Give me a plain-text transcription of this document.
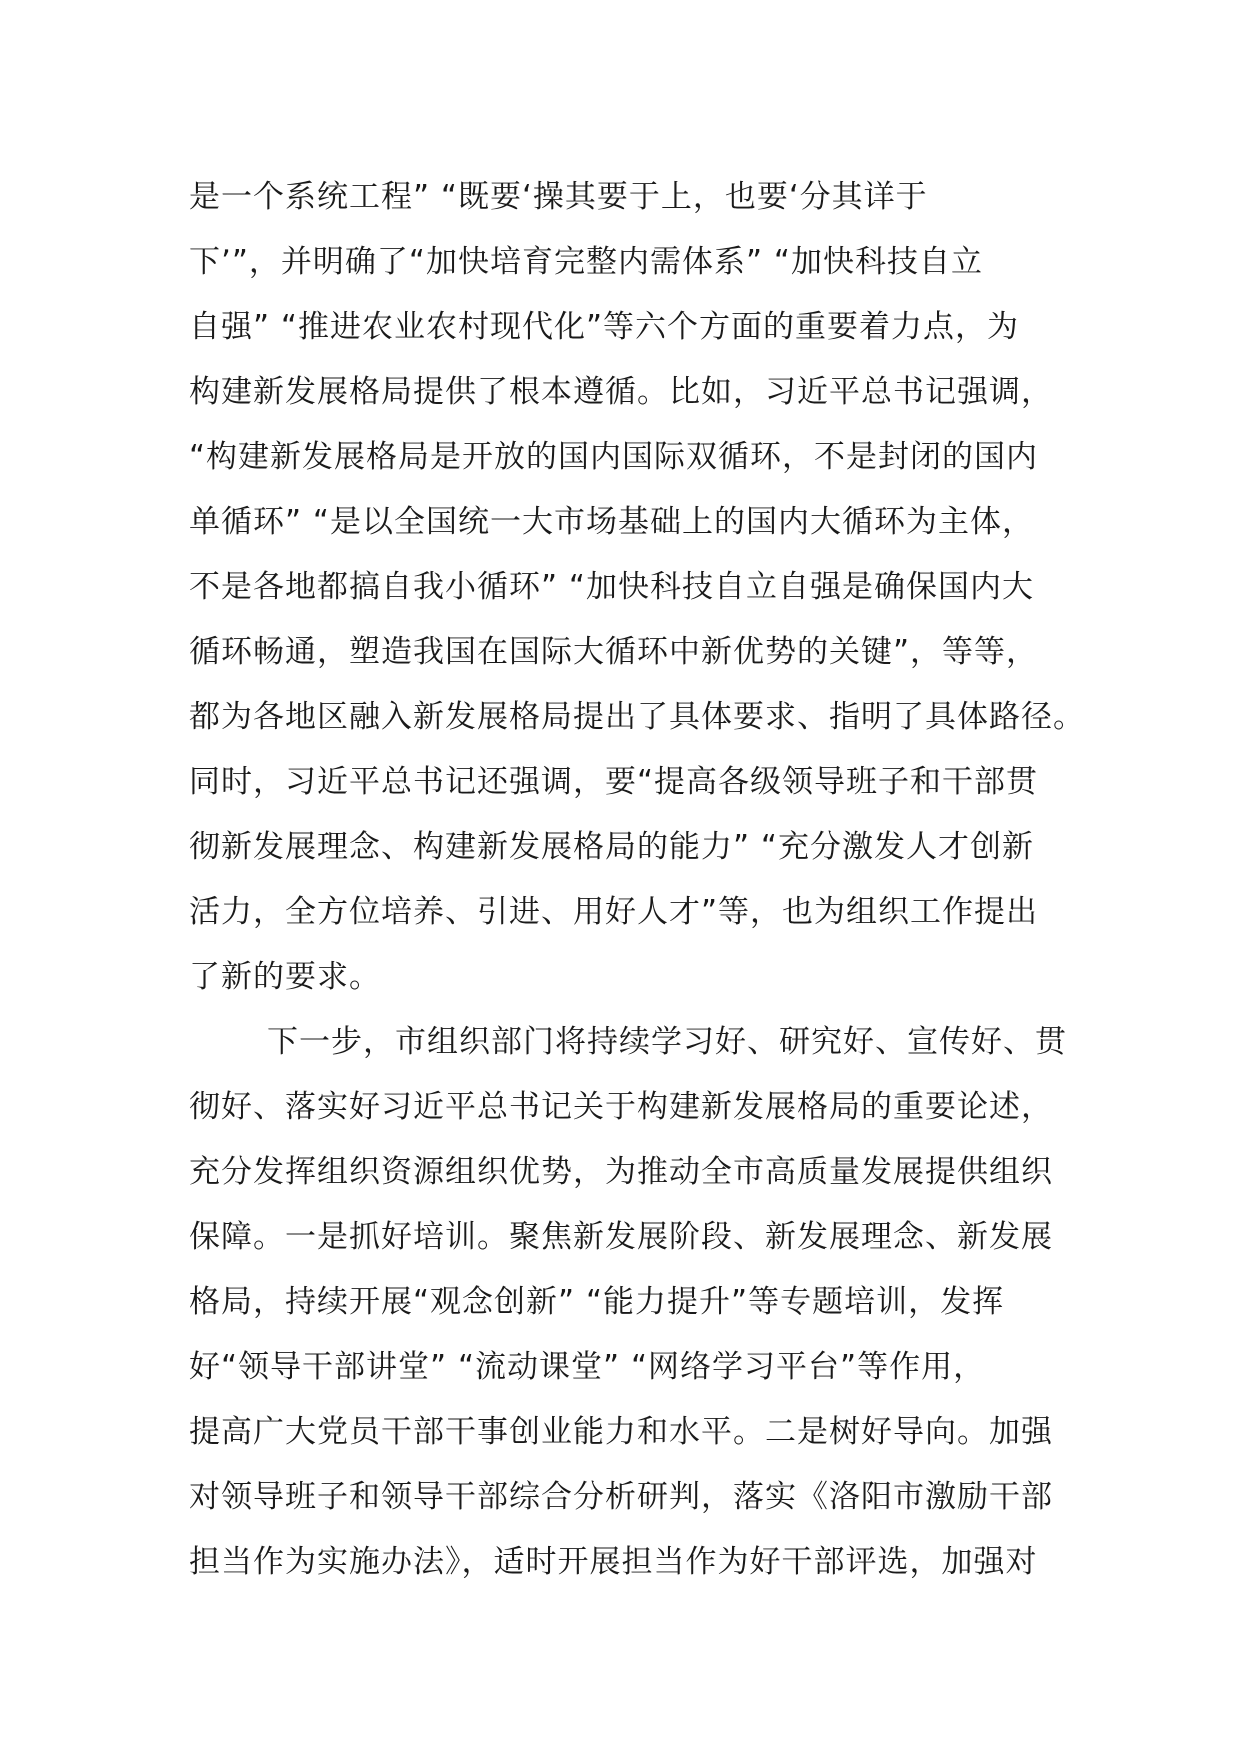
是一个系统工程” “既要‘操其要于上，也要‘分其详于
下’”，并明确了“加快培育完整内需体系” “加快科技自立
自强” “推进农业农村现代化”等六个方面的重要着力点，为
构建新发展格局提供了根本遵循。比如，习近平总书记强调，
“构建新发展格局是开放的国内国际双循环，不是封闭的国内
单循环” “是以全国统一大市场基础上的国内大循环为主体，
不是各地都搞自我小循环” “加快科技自立自强是确保国内大
循环畅通，塑造我国在国际大循环中新优势的关键”，等等，
都为各地区融入新发展格局提出了具体要求、指明了具体路径。
同时，习近平总书记还强调，要“提高各级领导班子和干部贯
彻新发展理念、构建新发展格局的能力” “充分激发人才创新
活力，全方位培养、引进、用好人才”等，也为组织工作提出
了新的要求。
下一步，市组织部门将持续学习好、研究好、宣传好、贯
彻好、落实好习近平总书记关于构建新发展格局的重要论述，
充分发挥组织资源组织优势，为推动全市高质量发展提供组织
保障。一是抓好培训。聚焦新发展阶段、新发展理念、新发展
格局，持续开展“观念创新” “能力提升”等专题培训，发挥
好“领导干部讲堂” “流动课堂” “网络学习平台”等作用，
提高广大党员干部干事创业能力和水平。二是树好导向。加强
对领导班子和领导干部综合分析研判，落实《洛阳市激励干部
担当作为实施办法》，适时开展担当作为好干部评选，加强对
